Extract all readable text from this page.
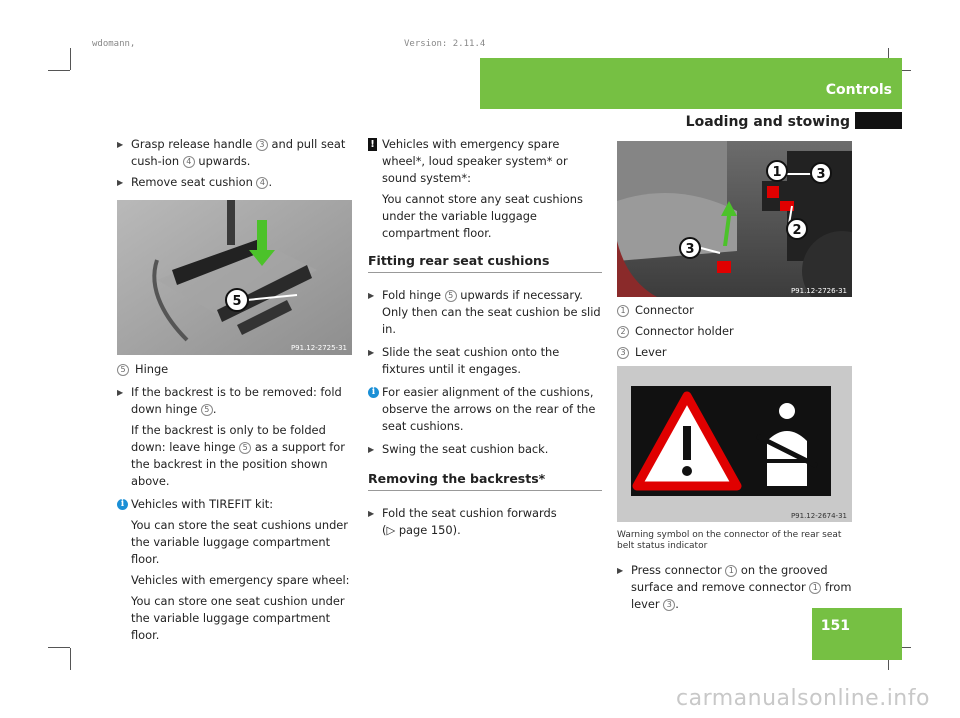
wdomann,	Version: 2.11.4
Controls
Loading and stowing
151
▶ Grasp release handle 3 and pull seat cush-ion 4 upwards.
▶ Remove seat cushion 4 .
5
P91.12-2725-31
5 Hinge
▶ If the backrest is to be removed: fold down hinge 5 .
If the backrest is only to be folded down: leave hinge 5 as a support for the backrest in the position shown above.
i Vehicles with TIREFIT kit:
You can store the seat cushions under the variable luggage compartment floor.
Vehicles with emergency spare wheel:
You can store one seat cushion under the variable luggage compartment floor.
! Vehicles with emergency spare wheel*, loud speaker system* or sound system*:
You cannot store any seat cushions under the variable luggage compartment floor.
Fitting rear seat cushions
▶ Fold hinge 5 upwards if necessary. Only then can the seat cushion be slid in.
▶ Slide the seat cushion onto the fixtures until it engages.
i For easier alignment of the cushions, observe the arrows on the rear of the seat cushions.
▶ Swing the seat cushion back.
Removing the backrests*
▶ Fold the seat cushion forwards
(▷ page 150).
1	3
2
3
P91.12-2726-31
1 Connector
2 Connector holder
3 Lever
P91.12-2674-31
Warning symbol on the connector of the rear seat belt status indicator
▶ Press connector 1 on the grooved surface and remove connector 1 from lever 3 .
carmanualsonline.info
